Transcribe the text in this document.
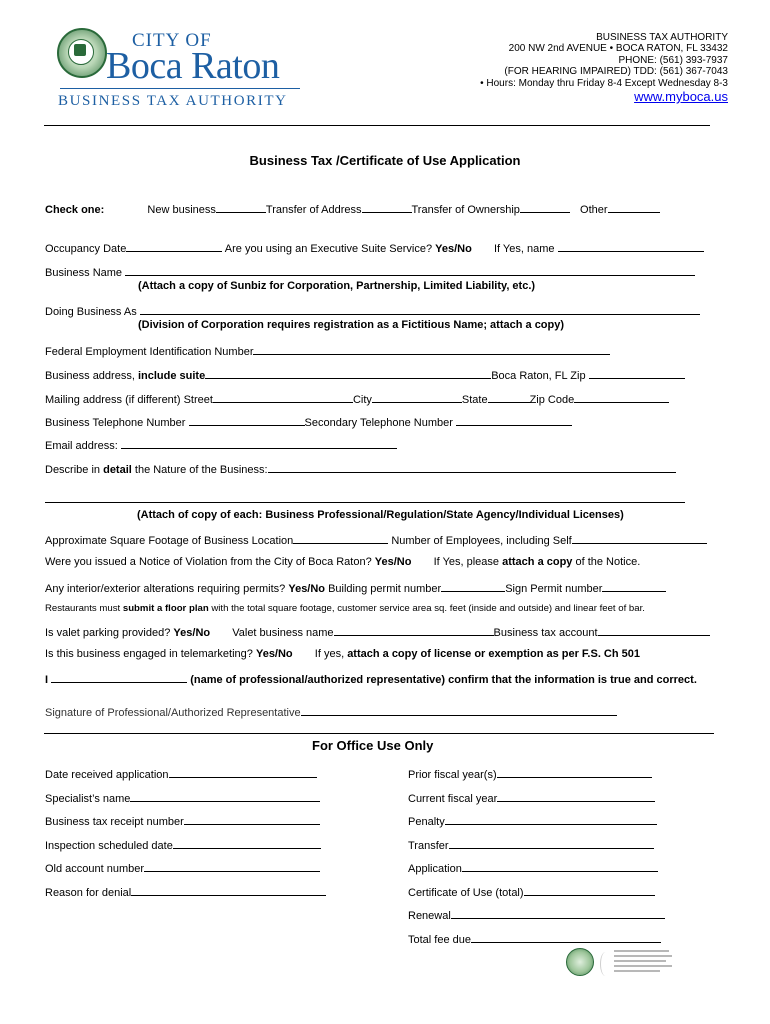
CITY OF
Boca Raton
BUSINESS TAX AUTHORITY
BUSINESS TAX AUTHORITY
200 NW 2nd AVENUE • BOCA RATON, FL 33432
PHONE: (561) 393-7937
(FOR HEARING IMPAIRED) TDD: (561) 367-7043
• Hours: Monday thru Friday 8-4 Except Wednesday 8-3
www.myboca.us
Business Tax /Certificate of Use Application
Check one:	New business	Transfer of Address	Transfer of Ownership	Other
Occupancy Date	Are you using an Executive Suite Service? Yes/No If Yes, name
Business Name
(Attach a copy of Sunbiz for Corporation, Partnership, Limited Liability, etc.)
Doing Business As
(Division of Corporation requires registration as a Fictitious Name; attach a copy)
Federal Employment Identification Number
Business address, include suite	Boca Raton, FL Zip
Mailing address (if different) Street	City	State	Zip Code
Business Telephone Number	Secondary Telephone Number
Email address:
Describe in detail the Nature of the Business:
(Attach of copy of each: Business Professional/Regulation/State Agency/Individual Licenses)
Approximate Square Footage of Business Location	Number of Employees, including Self
Were you issued a Notice of Violation from the City of Boca Raton? Yes/No If Yes, please attach a copy of the Notice.
Any interior/exterior alterations requiring permits? Yes/No Building permit number	Sign Permit number
Restaurants must submit a floor plan with the total square footage, customer service area sq. feet (inside and outside) and linear feet of bar.
Is valet parking provided? Yes/No Valet business name	Business tax account
Is this business engaged in telemarketing? Yes/No If yes, attach a copy of license or exemption as per F.S. Ch 501
I	(name of professional/authorized representative) confirm that the information is true and correct.
Signature of Professional/Authorized Representative
For Office Use Only
Date received application
Specialist’s name
Business tax receipt number
Inspection scheduled date
Old account number
Reason for denial
Prior fiscal year(s)
Current fiscal year
Penalty
Transfer
Application
Certificate of Use (total)
Renewal
Total fee due
